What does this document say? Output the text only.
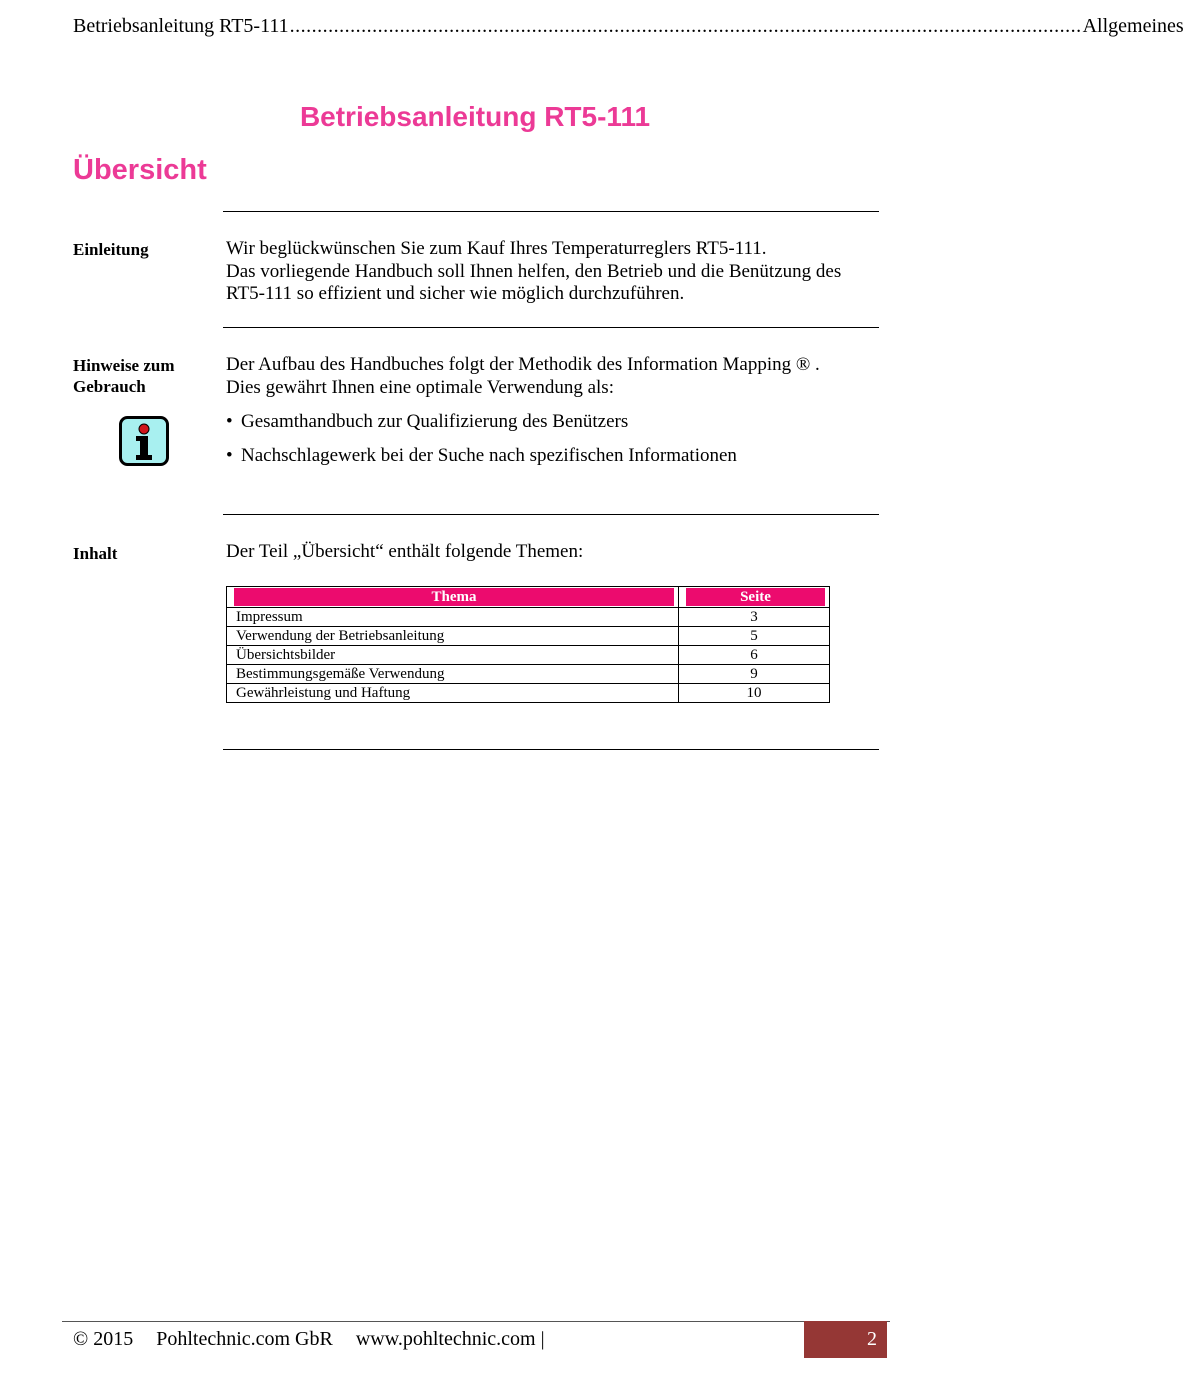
Betriebsanleitung RT5-111 ................................................................................................................................................ Allgemeines
Betriebsanleitung RT5-111
Übersicht
Einleitung	Wir beglückwünschen Sie zum Kauf Ihres Temperaturreglers RT5-111.
Das vorliegende Handbuch soll Ihnen helfen, den Betrieb und die Benützung des
RT5-111 so effizient und sicher wie möglich durchzuführen.
Hinweise zum
Gebrauch
Der Aufbau des Handbuches folgt der Methodik des Information Mapping ® .
Dies gewährt Ihnen eine optimale Verwendung als:
• Gesamthandbuch zur Qualifizierung des Benützers
• Nachschlagewerk bei der Suche nach spezifischen Informationen
Inhalt	Der Teil „Übersicht“ enthält folgende Themen:
Thema	Seite

Impressum	3
Verwendung der Betriebsanleitung	5
Übersichtsbilder	6
Bestimmungsgemäße Verwendung	9
Gewährleistung und Haftung	10
© 2015 Pohltechnic.com GbR www.pohltechnic.com |	2
